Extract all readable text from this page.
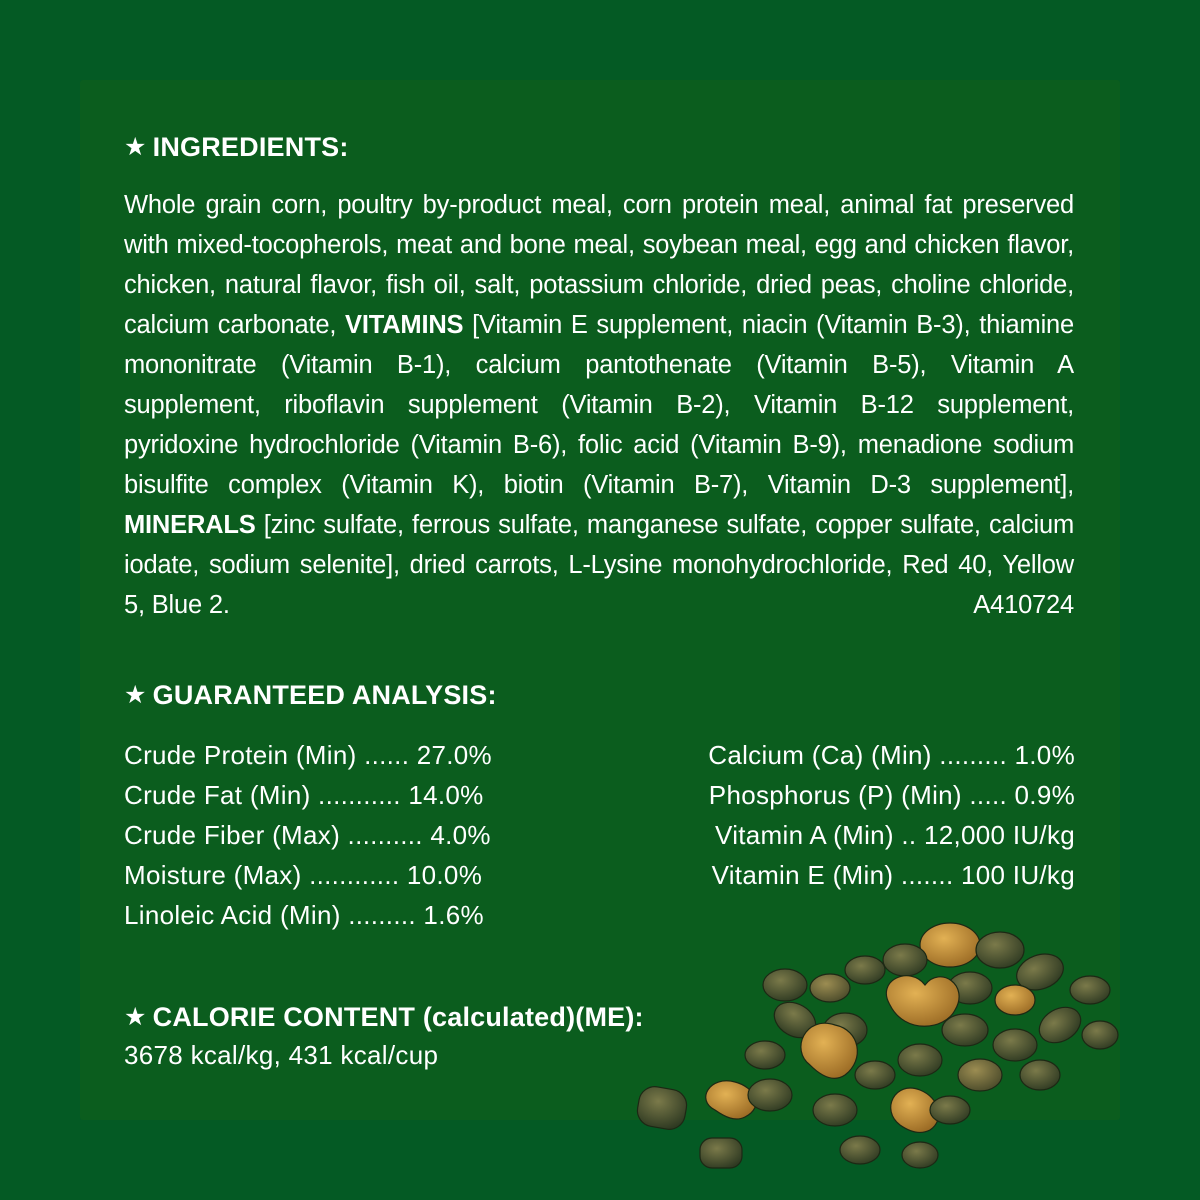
★ INGREDIENTS:
Whole grain corn, poultry by-product meal, corn protein meal, animal fat preserved with mixed-tocopherols, meat and bone meal, soybean meal, egg and chicken flavor, chicken, natural flavor, fish oil, salt, potassium chloride, dried peas, choline chloride, calcium carbonate, VITAMINS [Vitamin E supplement, niacin (Vitamin B-3), thiamine mononitrate (Vitamin B-1), calcium pantothenate (Vitamin B-5), Vitamin A supplement, riboflavin supplement (Vitamin B-2), Vitamin B-12 supplement, pyridoxine hydrochloride (Vitamin B-6), folic acid (Vitamin B-9), menadione sodium bisulfite complex (Vitamin K), biotin (Vitamin B-7), Vitamin D-3 supplement], MINERALS [zinc sulfate, ferrous sulfate, manganese sulfate, copper sulfate, calcium iodate, sodium selenite], dried carrots, L-Lysine monohydrochloride, Red 40, Yellow 5, Blue 2.	A410724
★ GUARANTEED ANALYSIS:
Crude Protein (Min) ...... 27.0%
Crude Fat (Min) ........... 14.0%
Crude Fiber (Max) .......... 4.0%
Moisture (Max) ............ 10.0%
Linoleic Acid (Min) ......... 1.6%
Calcium (Ca) (Min) ......... 1.0%
Phosphorus (P) (Min) ..... 0.9%
Vitamin A (Min) .. 12,000 IU/kg
Vitamin E (Min) ....... 100 IU/kg
★ CALORIE CONTENT (calculated)(ME):
3678 kcal/kg, 431 kcal/cup
